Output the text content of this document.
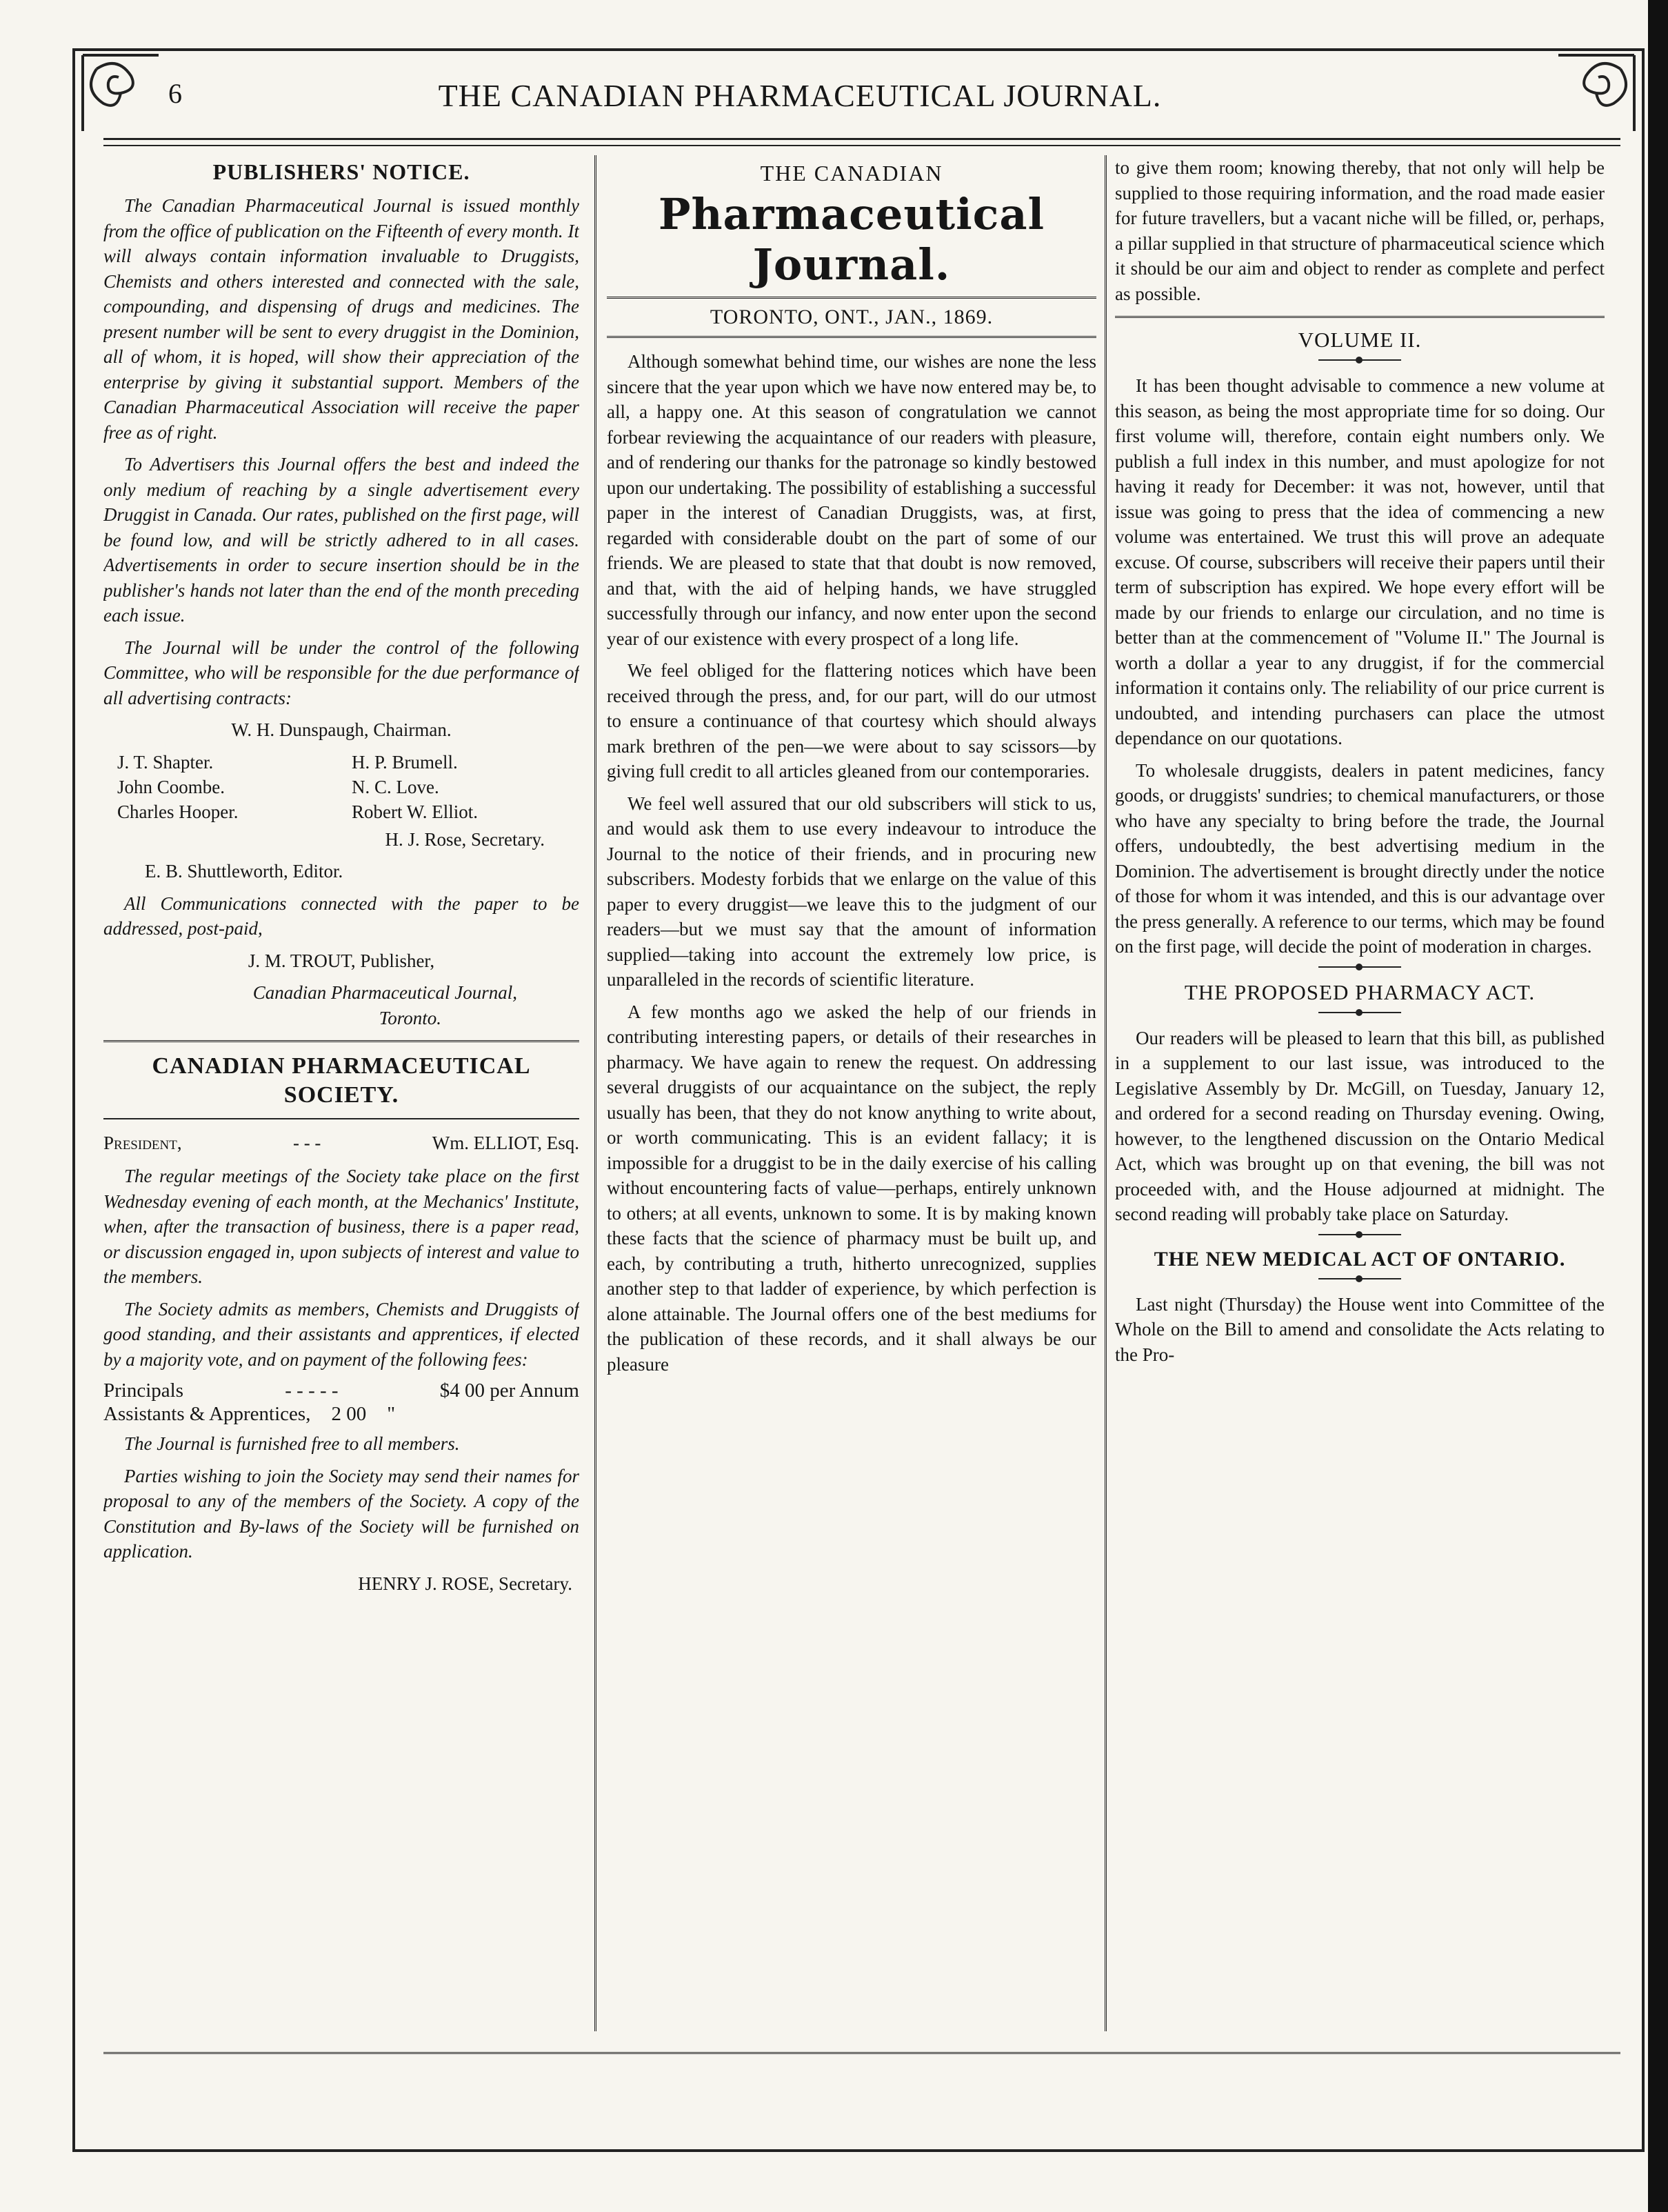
6	THE CANADIAN PHARMACEUTICAL JOURNAL.
PUBLISHERS' NOTICE.

The Canadian Pharmaceutical Journal is issued monthly from the office of publication on the Fifteenth of every month. It will always contain information invaluable to Druggists, Chemists and others interested and connected with the sale, compounding, and dispensing of drugs and medicines. The present number will be sent to every druggist in the Dominion, all of whom, it is hoped, will show their appreciation of the enterprise by giving it substantial support. Members of the Canadian Pharmaceutical Association will receive the paper free as of right.

To Advertisers this Journal offers the best and indeed the only medium of reaching by a single advertisement every Druggist in Canada. Our rates, published on the first page, will be found low, and will be strictly adhered to in all cases. Advertisements in order to secure insertion should be in the publisher's hands not later than the end of the month preceding each issue.

The Journal will be under the control of the following Committee, who will be responsible for the due performance of all advertising contracts:

W. H. Dunspaugh, Chairman.

J. T. Shapter.	H. P. Brumell.
John Coombe.	N. C. Love.
Charles Hooper.	Robert W. Elliot.

H. J. Rose, Secretary.

E. B. Shuttleworth, Editor.

All Communications connected with the paper to be addressed, post-paid,

J. M. TROUT, Publisher,

Canadian Pharmaceutical Journal,

Toronto.

CANADIAN PHARMACEUTICAL SOCIETY.
President,	- - -	Wm. ELLIOT, Esq.

The regular meetings of the Society take place on the first Wednesday evening of each month, at the Mechanics' Institute, when, after the transaction of business, there is a paper read, or discussion engaged in, upon subjects of interest and value to the members.

The Society admits as members, Chemists and Druggists of good standing, and their assistants and apprentices, if elected by a majority vote, and on payment of the following fees:

Principals	- - - - -	$4 00 per Annum
Assistants & Apprentices, 2 00 "

The Journal is furnished free to all members.

Parties wishing to join the Society may send their names for proposal to any of the members of the Society. A copy of the Constitution and By-laws of the Society will be furnished on application.

HENRY J. ROSE, Secretary.

THE CANADIAN
Pharmaceutical Journal.
TORONTO, ONT., JAN., 1869.

Although somewhat behind time, our wishes are none the less sincere that the year upon which we have now entered may be, to all, a happy one. At this season of congratulation we cannot forbear reviewing the acquaintance of our readers with pleasure, and of rendering our thanks for the patronage so kindly bestowed upon our undertaking. The possibility of establishing a successful paper in the interest of Canadian Druggists, was, at first, regarded with considerable doubt on the part of some of our friends. We are pleased to state that that doubt is now removed, and that, with the aid of helping hands, we have struggled successfully through our infancy, and now enter upon the second year of our existence with every prospect of a long life.

We feel obliged for the flattering notices which have been received through the press, and, for our part, will do our utmost to ensure a continuance of that courtesy which should always mark brethren of the pen—we were about to say scissors—by giving full credit to all articles gleaned from our contemporaries.

We feel well assured that our old subscribers will stick to us, and would ask them to use every indeavour to introduce the Journal to the notice of their friends, and in procuring new subscribers. Modesty forbids that we enlarge on the value of this paper to every druggist—we leave this to the judgment of our readers—but we must say that the amount of information supplied—taking into account the extremely low price, is unparalleled in the records of scientific literature.

A few months ago we asked the help of our friends in contributing interesting papers, or details of their researches in pharmacy. We have again to renew the request. On addressing several druggists of our acquaintance on the subject, the reply usually has been, that they do not know anything to write about, or worth communicating. This is an evident fallacy; it is impossible for a druggist to be in the daily exercise of his calling without encountering facts of value—perhaps, entirely unknown to others; at all events, unknown to some. It is by making known these facts that the science of pharmacy must be built up, and each, by contributing a truth, hitherto unrecognized, supplies another step to that ladder of experience, by which perfection is alone attainable. The Journal offers one of the best mediums for the publication of these records, and it shall always be our pleasure

to give them room; knowing thereby, that not only will help be supplied to those requiring information, and the road made easier for future travellers, but a vacant niche will be filled, or, perhaps, a pillar supplied in that structure of pharmaceutical science which it should be our aim and object to render as complete and perfect as possible.

VOLUME II.

It has been thought advisable to commence a new volume at this season, as being the most appropriate time for so doing. Our first volume will, therefore, contain eight numbers only. We publish a full index in this number, and must apologize for not having it ready for December: it was not, however, until that issue was going to press that the idea of commencing a new volume was entertained. We trust this will prove an adequate excuse. Of course, subscribers will receive their papers until their term of subscription has expired. We hope every effort will be made by our friends to enlarge our circulation, and no time is better than at the commencement of "Volume II." The Journal is worth a dollar a year to any druggist, if for the commercial information it contains only. The reliability of our price current is undoubted, and intending purchasers can place the utmost dependance on our quotations.

To wholesale druggists, dealers in patent medicines, fancy goods, or druggists' sundries; to chemical manufacturers, or those who have any specialty to bring before the trade, the Journal offers, undoubtedly, the best advertising medium in the Dominion. The advertisement is brought directly under the notice of those for whom it was intended, and this is our advantage over the press generally. A reference to our terms, which may be found on the first page, will decide the point of moderation in charges.

THE PROPOSED PHARMACY ACT.

Our readers will be pleased to learn that this bill, as published in a supplement to our last issue, was introduced to the Legislative Assembly by Dr. McGill, on Tuesday, January 12, and ordered for a second reading on Thursday evening. Owing, however, to the lengthened discussion on the Ontario Medical Act, which was brought up on that evening, the bill was not proceeded with, and the House adjourned at midnight. The second reading will probably take place on Saturday.

THE NEW MEDICAL ACT OF ONTARIO.

Last night (Thursday) the House went into Committee of the Whole on the Bill to amend and consolidate the Acts relating to the Pro-
